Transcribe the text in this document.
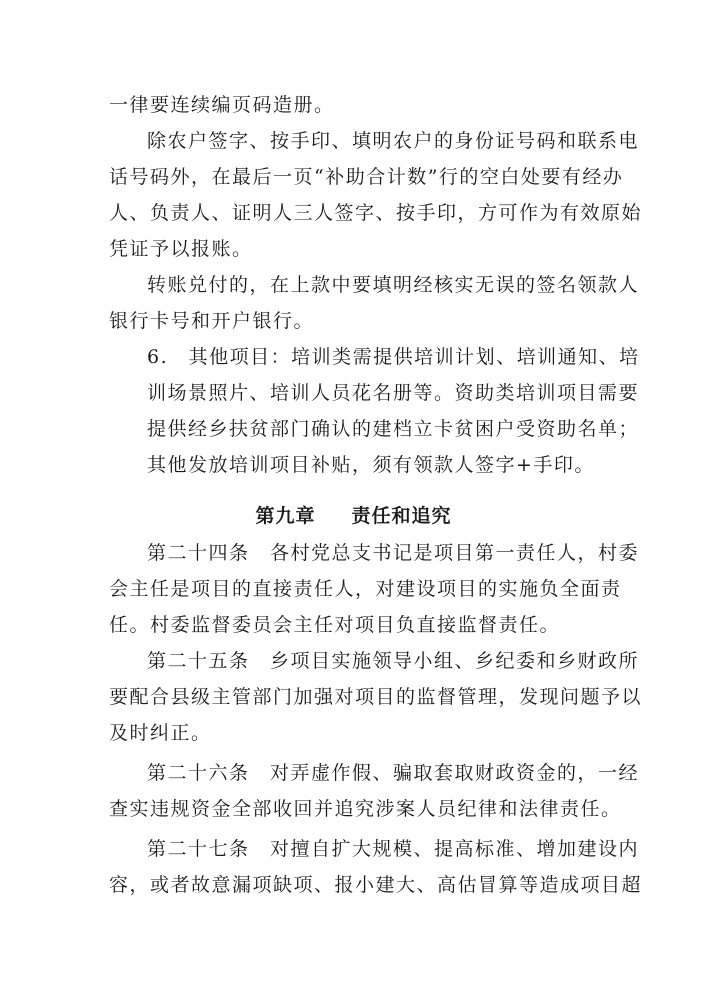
一律要连续编页码造册。
除农户签字、按手印、填明农户的身份证号码和联系电
话号码外，在最后一页“补助合计数”行的空白处要有经办
人、负责人、证明人三人签字、按手印，方可作为有效原始
凭证予以报账。
转账兑付的，在上款中要填明经核实无误的签名领款人
银行卡号和开户银行。
6.　其他项目：培训类需提供培训计划、培训通知、培
训场景照片、培训人员花名册等。资助类培训项目需要
提供经乡扶贫部门确认的建档立卡贫困户受资助名单；
其他发放培训项目补贴，须有领款人签字+手印。
第九章 责任和追究
第二十四条　各村党总支书记是项目第一责任人，村委
会主任是项目的直接责任人，对建设项目的实施负全面责
任。村委监督委员会主任对项目负直接监督责任。
第二十五条　乡项目实施领导小组、乡纪委和乡财政所
要配合县级主管部门加强对项目的监督管理，发现问题予以
及时纠正。
第二十六条　对弄虚作假、骗取套取财政资金的，一经
查实违规资金全部收回并追究涉案人员纪律和法律责任。
第二十七条　对擅自扩大规模、提高标准、增加建设内
容，或者故意漏项缺项、报小建大、高估冒算等造成项目超
